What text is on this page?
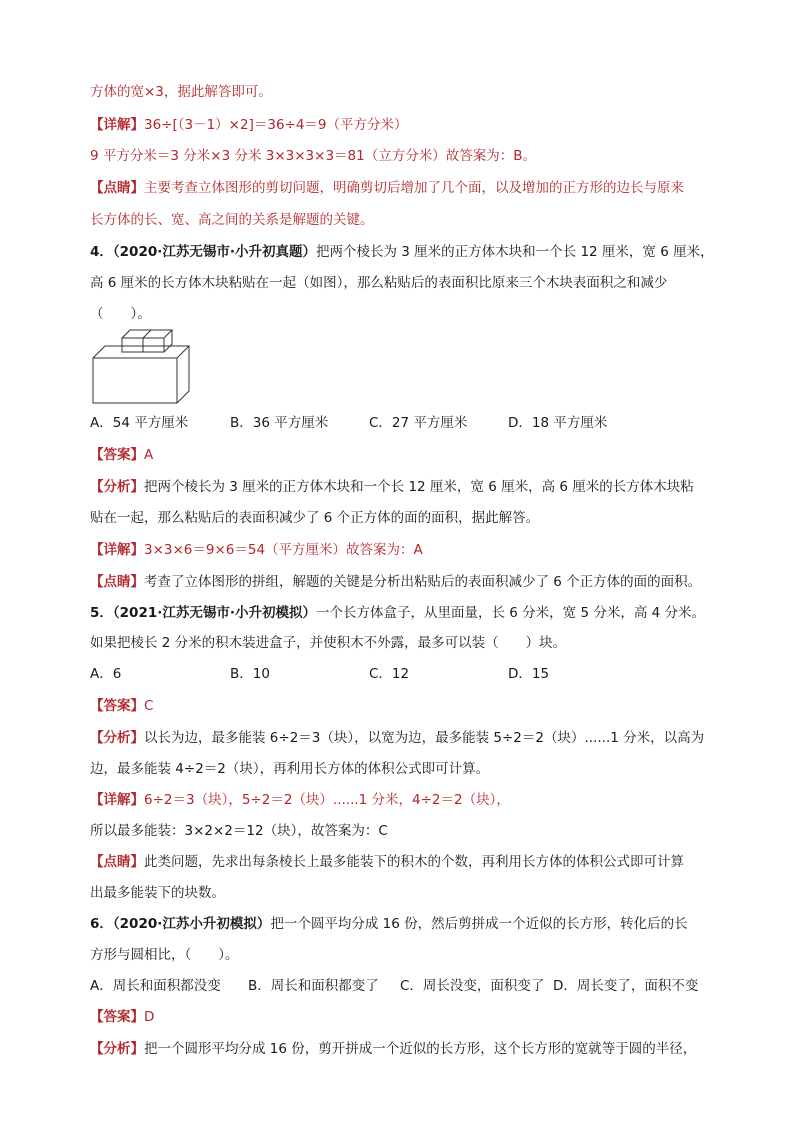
方体的宽×3，据此解答即可。
【详解】36÷[（3－1）×2]＝36÷4＝9（平方分米）
9 平方分米＝3 分米×3 分米 3×3×3×3＝81（立方分米）故答案为：B。
【点睛】主要考查立体图形的剪切问题，明确剪切后增加了几个面，以及增加的正方形的边长与原来
长方体的长、宽、高之间的关系是解题的关键。
4．（2020·江苏无锡市·小升初真题）把两个棱长为 3 厘米的正方体木块和一个长 12 厘米，宽 6 厘米，
高 6 厘米的长方体木块粘贴在一起（如图），那么粘贴后的表面积比原来三个木块表面积之和减少
（　　）。
A．54 平方厘米	B．36 平方厘米	C．27 平方厘米	D．18 平方厘米
【答案】A
【分析】把两个棱长为 3 厘米的正方体木块和一个长 12 厘米，宽 6 厘米，高 6 厘米的长方体木块粘
贴在一起，那么粘贴后的表面积减少了 6 个正方体的面的面积，据此解答。
【详解】3×3×6＝9×6＝54（平方厘米）故答案为：A
【点睛】考查了立体图形的拼组，解题的关键是分析出粘贴后的表面积减少了 6 个正方体的面的面积。
5．（2021·江苏无锡市·小升初模拟）一个长方体盒子，从里面量，长 6 分米，宽 5 分米，高 4 分米。
如果把棱长 2 分米的积木装进盒子，并使积木不外露，最多可以装（　　）块。
A．6	B．10	C．12	D．15
【答案】C
【分析】以长为边，最多能装 6÷2＝3（块），以宽为边，最多能装 5÷2＝2（块）......1 分米，以高为
边，最多能装 4÷2＝2（块），再利用长方体的体积公式即可计算。
【详解】6÷2＝3（块），5÷2＝2（块）......1 分米，4÷2＝2（块），
所以最多能装：3×2×2＝12（块），故答案为：C
【点睛】此类问题，先求出每条棱长上最多能装下的积木的个数，再利用长方体的体积公式即可计算
出最多能装下的块数。
6．（2020·江苏小升初模拟）把一个圆平均分成 16 份，然后剪拼成一个近似的长方形，转化后的长
方形与圆相比，（　　）。
A．周长和面积都没变 B．周长和面积都变了 C．周长没变，面积变了 D．周长变了，面积不变
【答案】D
【分析】把一个圆形平均分成 16 份，剪开拼成一个近似的长方形，这个长方形的宽就等于圆的半径，
